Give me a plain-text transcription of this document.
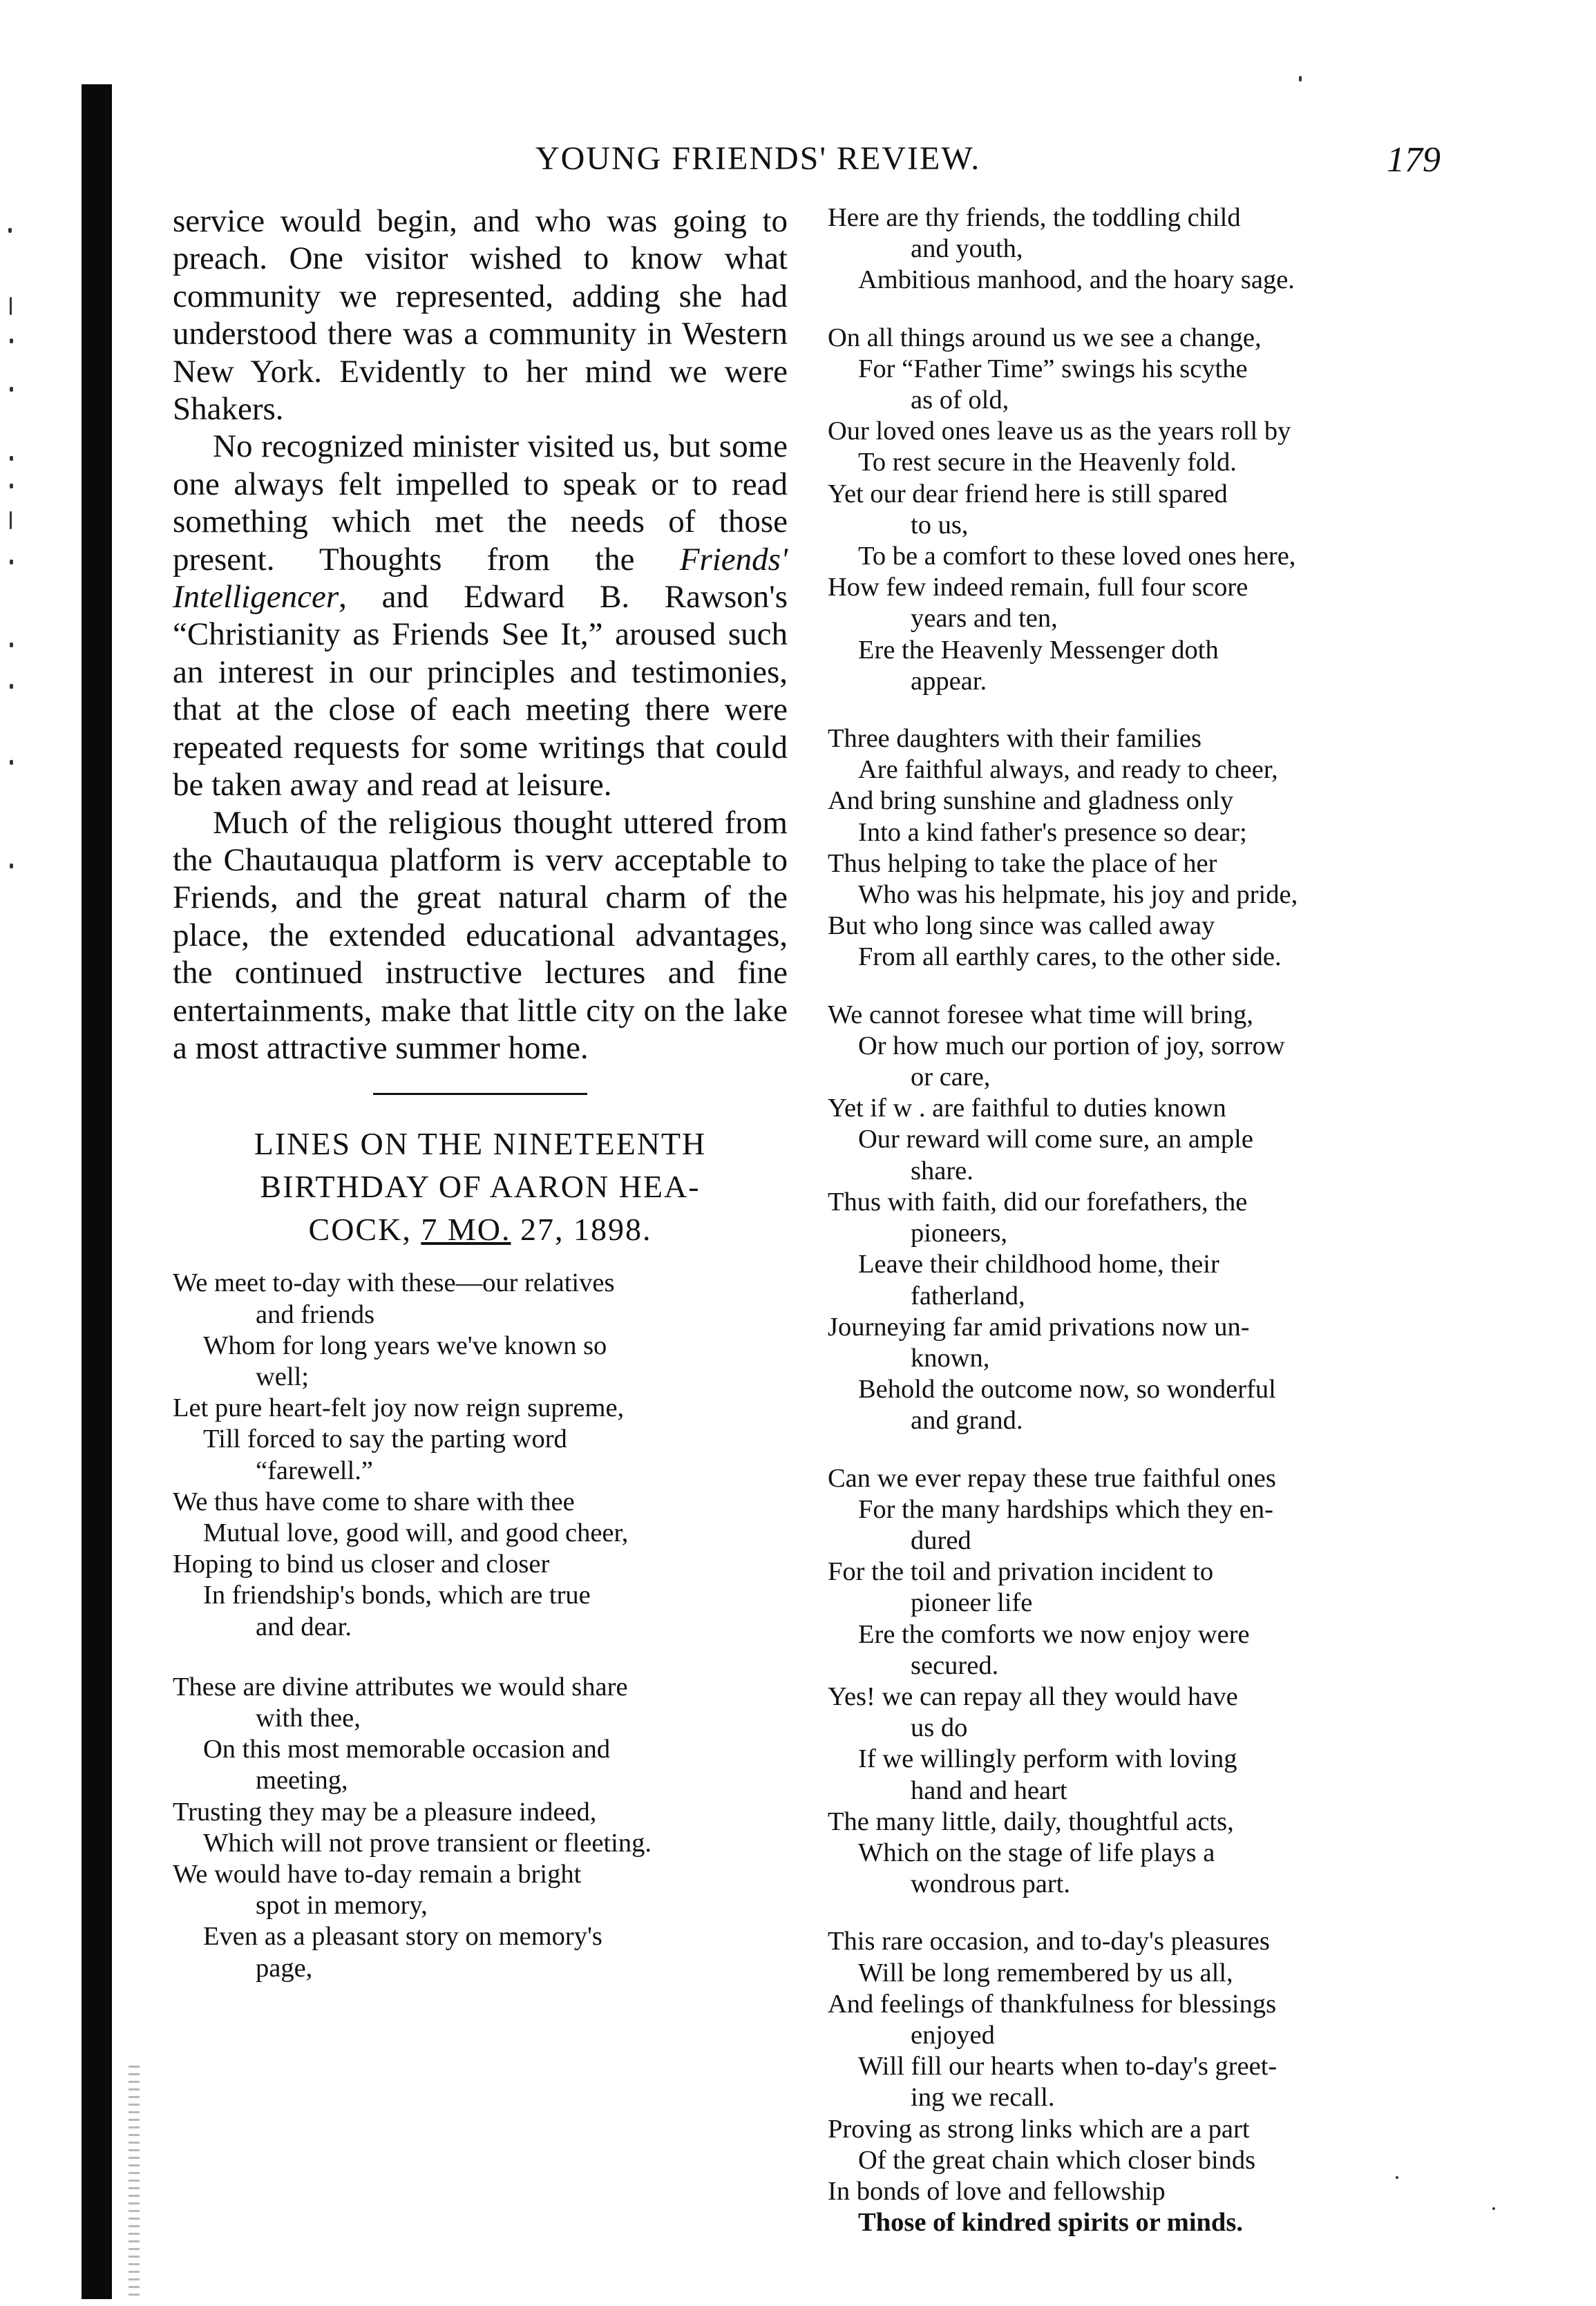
YOUNG FRIENDS' REVIEW.	179

service would begin, and who was going to preach. One visitor wished to know what community we represented, adding she had understood there was a community in Western New York. Evidently to her mind we were Shakers.

No recognized minister visited us, but some one always felt impelled to speak or to read something which met the needs of those present. Thoughts from the Friends' Intelligencer, and Edward B. Rawson's “Christianity as Friends See It,” aroused such an interest in our principles and testimonies, that at the close of each meeting there were repeated requests for some writings that could be taken away and read at leisure.

Much of the religious thought uttered from the Chautauqua platform is verv acceptable to Friends, and the great natural charm of the place, the extended educational advantages, the continued instructive lectures and fine entertainments, make that little city on the lake a most attractive summer home.

LINES ON THE NINETEENTH
BIRTHDAY OF AARON HEA-
COCK, 7 MO. 27, 1898.
We meet to-day with these—our relatives
and friends
Whom for long years we've known so
well;
Let pure heart-felt joy now reign supreme,
Till forced to say the parting word
“farewell.”
We thus have come to share with thee
Mutual love, good will, and good cheer,
Hoping to bind us closer and closer
In friendship's bonds, which are true
and dear.
These are divine attributes we would share
with thee,
On this most memorable occasion and
meeting,
Trusting they may be a pleasure indeed,
Which will not prove transient or fleeting.
We would have to-day remain a bright
spot in memory,
Even as a pleasant story on memory's
page,
Here are thy friends, the toddling child
and youth,
Ambitious manhood, and the hoary sage.
On all things around us we see a change,
For “Father Time” swings his scythe
as of old,
Our loved ones leave us as the years roll by
To rest secure in the Heavenly fold.
Yet our dear friend here is still spared
to us,
To be a comfort to these loved ones here,
How few indeed remain, full four score
years and ten,
Ere the Heavenly Messenger doth
appear.
Three daughters with their families
Are faithful always, and ready to cheer,
And bring sunshine and gladness only
Into a kind father's presence so dear;
Thus helping to take the place of her
Who was his helpmate, his joy and pride,
But who long since was called away
From all earthly cares, to the other side.
We cannot foresee what time will bring,
Or how much our portion of joy, sorrow
or care,
Yet if w . are faithful to duties known
Our reward will come sure, an ample
share.
Thus with faith, did our forefathers, the
pioneers,
Leave their childhood home, their
fatherland,
Journeying far amid privations now un-
known,
Behold the outcome now, so wonderful
and grand.
Can we ever repay these true faithful ones
For the many hardships which they en-
dured
For the toil and privation incident to
pioneer life
Ere the comforts we now enjoy were
secured.
Yes! we can repay all they would have
us do
If we willingly perform with loving
hand and heart
The many little, daily, thoughtful acts,
Which on the stage of life plays a
wondrous part.
This rare occasion, and to-day's pleasures
Will be long remembered by us all,
And feelings of thankfulness for blessings
enjoyed
Will fill our hearts when to-day's greet-
ing we recall.
Proving as strong links which are a part
Of the great chain which closer binds
In bonds of love and fellowship
Those of kindred spirits or minds.
